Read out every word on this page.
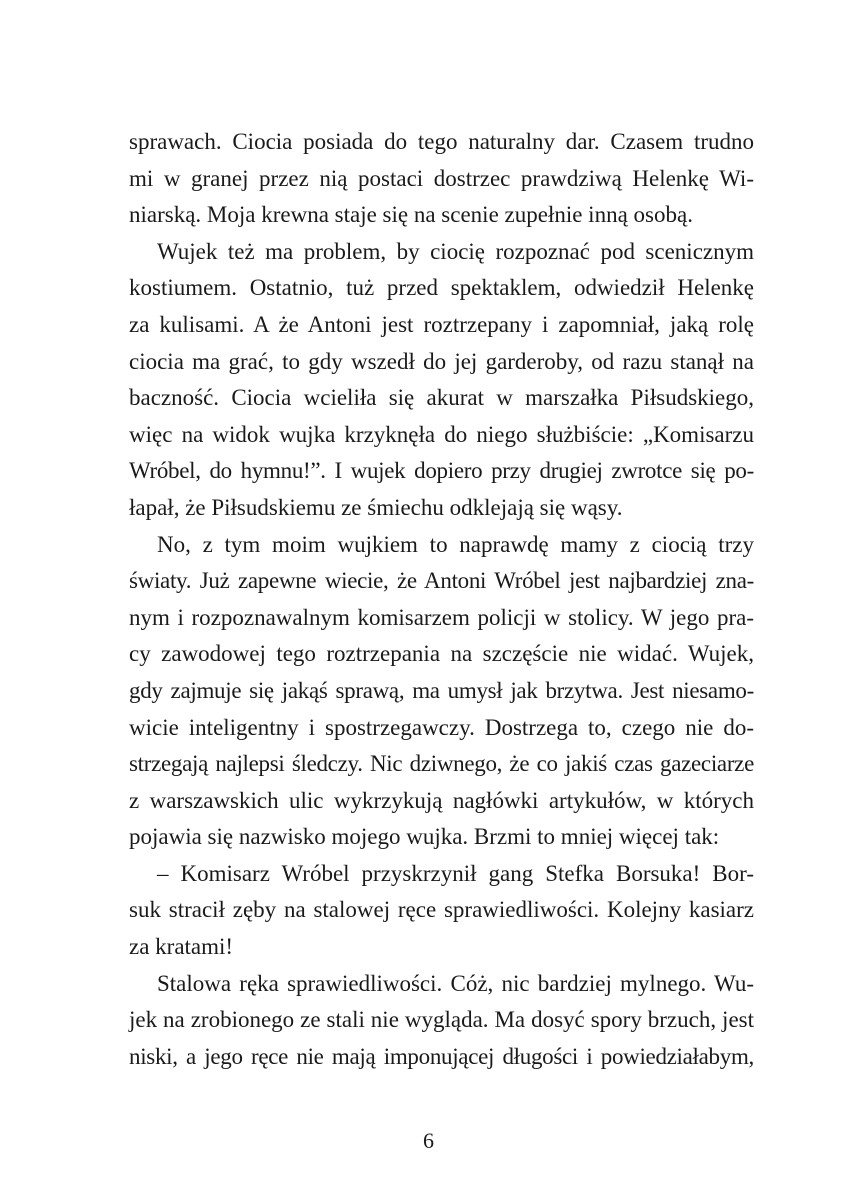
sprawach. Ciocia posiada do tego naturalny dar. Czasem trudno
mi w granej przez nią postaci dostrzec prawdziwą Helenkę Wi-
niarską. Moja krewna staje się na scenie zupełnie inną osobą.
Wujek też ma problem, by ciocię rozpoznać pod scenicznym
kostiumem. Ostatnio, tuż przed spektaklem, odwiedził Helenkę
za kulisami. A że Antoni jest roztrzepany i zapomniał, jaką rolę
ciocia ma grać, to gdy wszedł do jej garderoby, od razu stanął na
baczność. Ciocia wcieliła się akurat w marszałka Piłsudskiego,
więc na widok wujka krzyknęła do niego służbiście: „Komisarzu
Wróbel, do hymnu!”. I wujek dopiero przy drugiej zwrotce się po-
łapał, że Piłsudskiemu ze śmiechu odklejają się wąsy.
No, z tym moim wujkiem to naprawdę mamy z ciocią trzy
światy. Już zapewne wiecie, że Antoni Wróbel jest najbardziej zna-
nym i rozpoznawalnym komisarzem policji w stolicy. W jego pra-
cy zawodowej tego roztrzepania na szczęście nie widać. Wujek,
gdy zajmuje się jakąś sprawą, ma umysł jak brzytwa. Jest niesamo-
wicie inteligentny i spostrzegawczy. Dostrzega to, czego nie do-
strzegają najlepsi śledczy. Nic dziwnego, że co jakiś czas gazeciarze
z warszawskich ulic wykrzykują nagłówki artykułów, w których
pojawia się nazwisko mojego wujka. Brzmi to mniej więcej tak:
– Komisarz Wróbel przyskrzynił gang Stefka Borsuka! Bor-
suk stracił zęby na stalowej ręce sprawiedliwości. Kolejny kasiarz
za kratami!
Stalowa ręka sprawiedliwości. Cóż, nic bardziej mylnego. Wu-
jek na zrobionego ze stali nie wygląda. Ma dosyć spory brzuch, jest
niski, a jego ręce nie mają imponującej długości i powiedziałabym,
6
